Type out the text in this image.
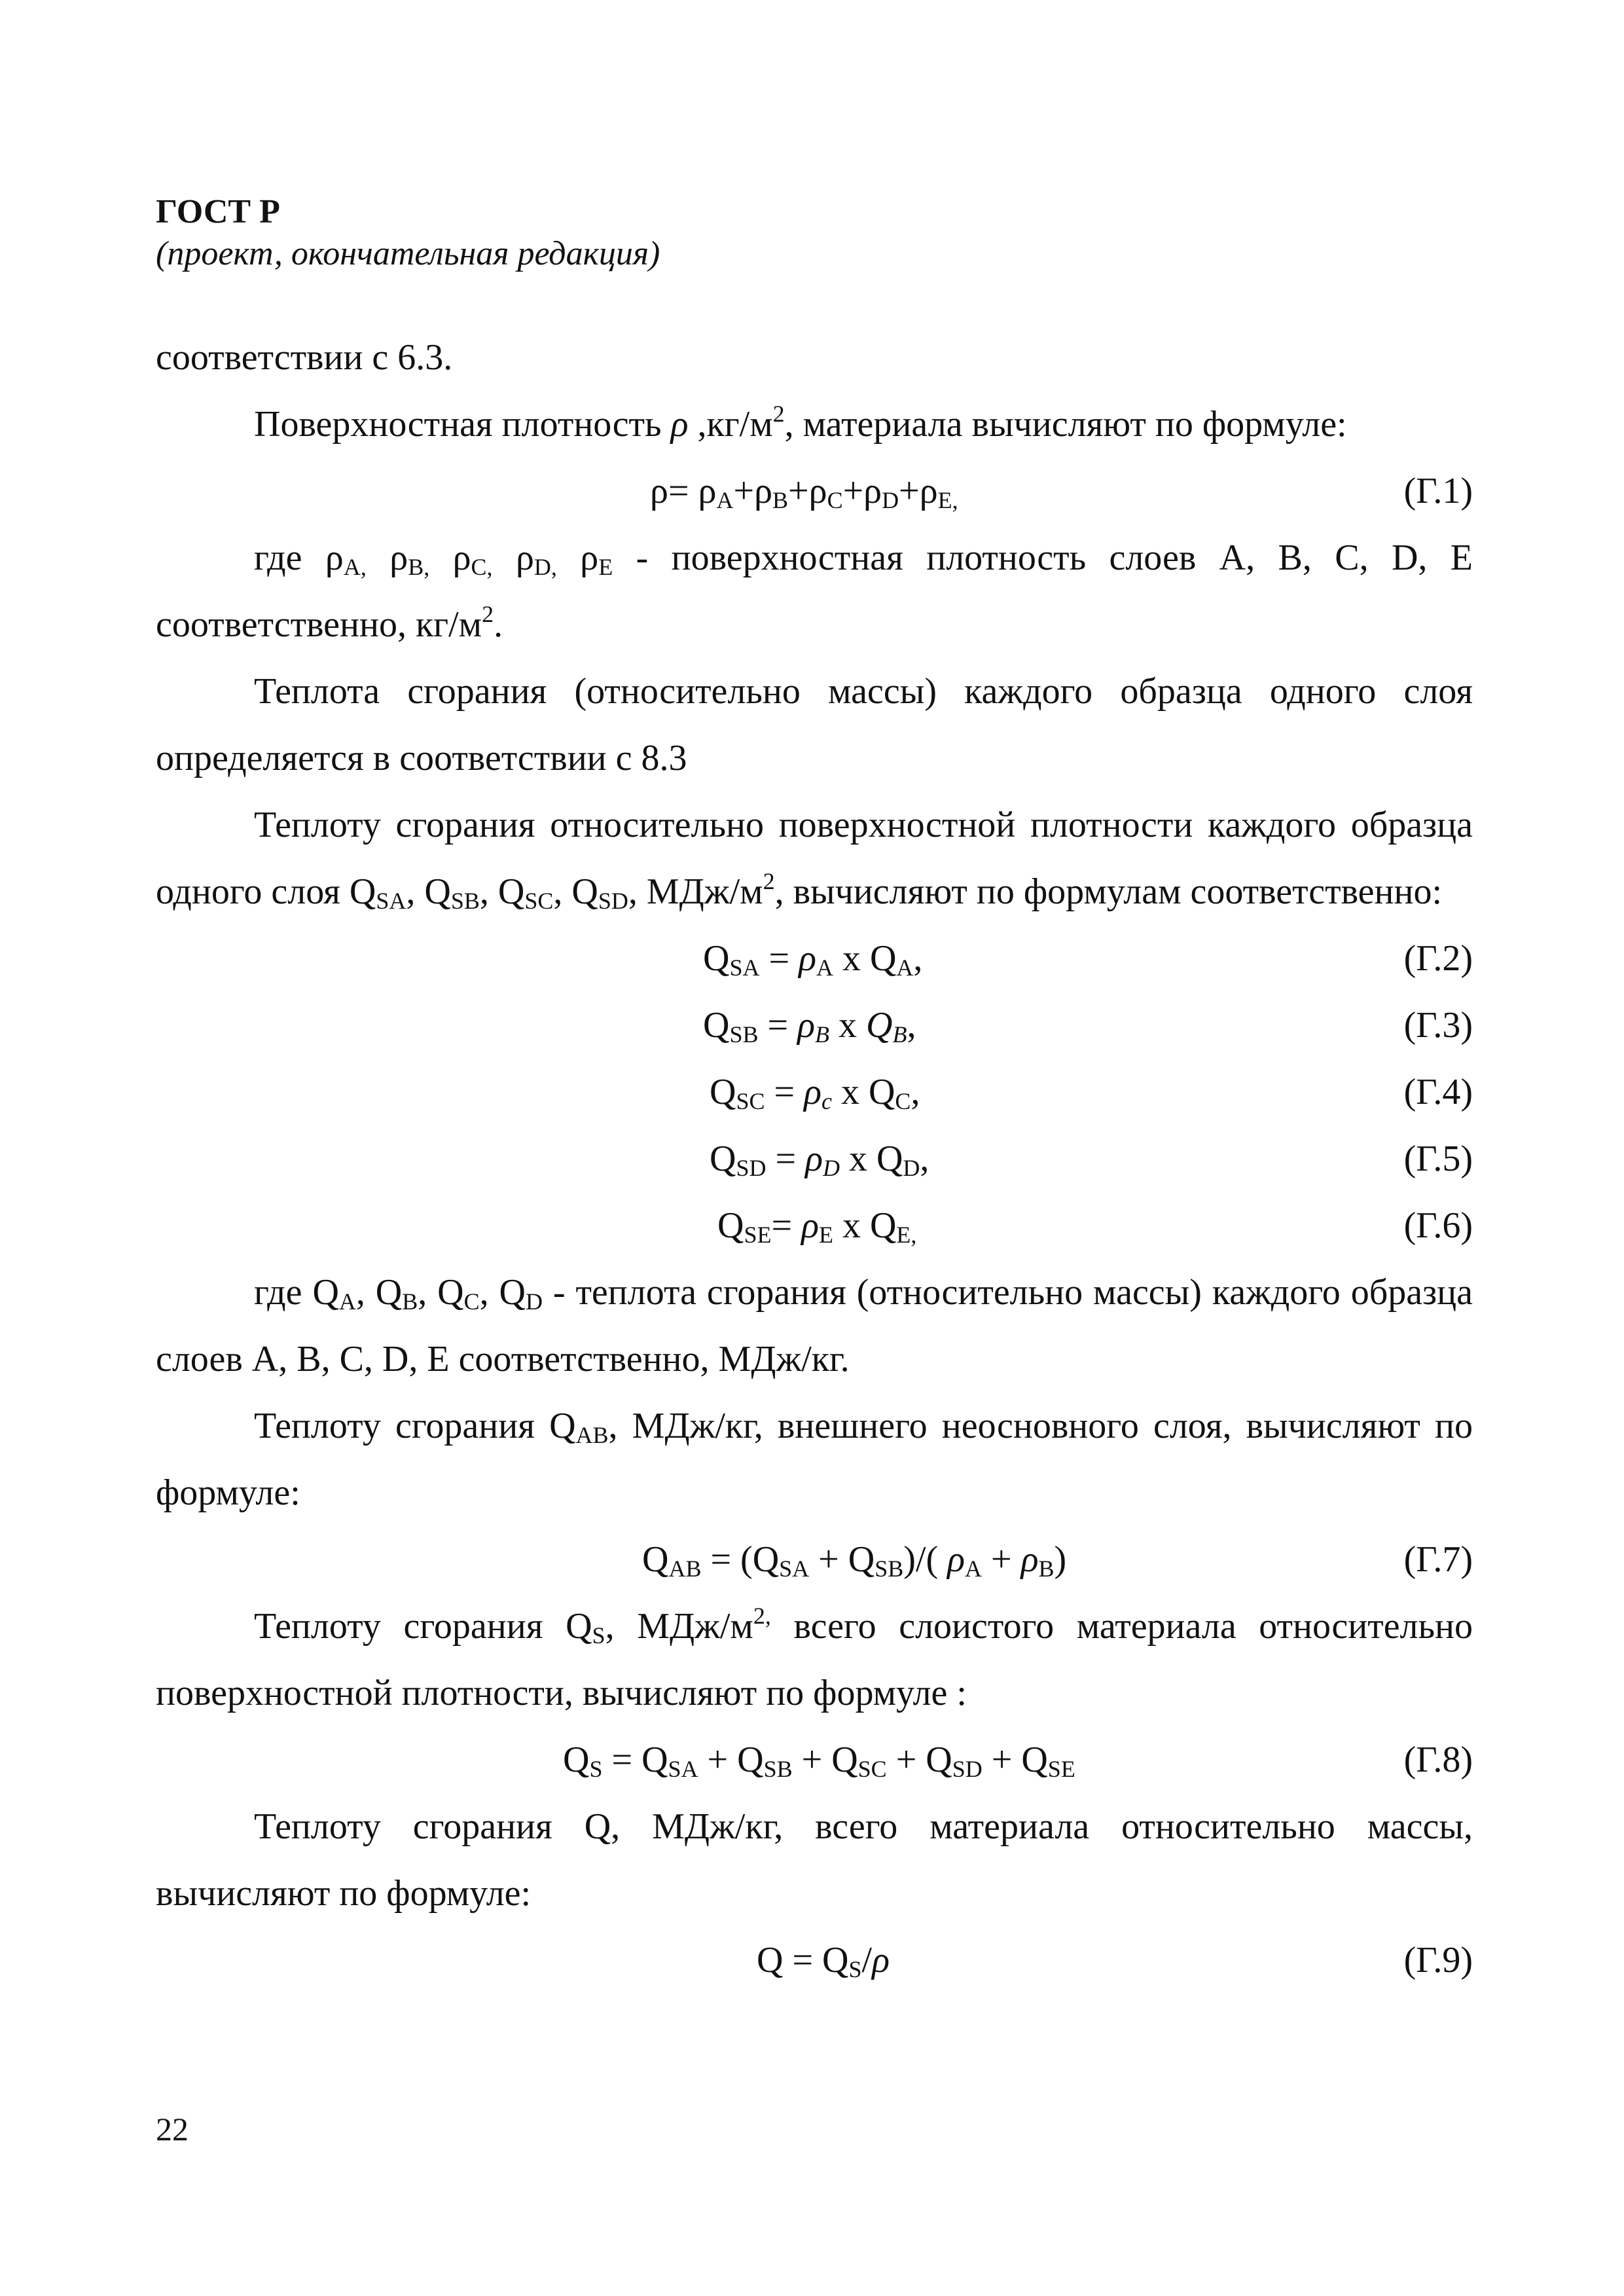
ГОСТ Р
(проект, окончательная редакция)

соответствии с 6.3.

Поверхностная плотность ρ $,кг/м^2$, материала вычисляют по формуле:

$\rho= \rho_A+\rho_B+\rho_C+\rho_D+\rho_{E,}$	(Г.1)

где $\rho_{A,}$ $\rho_{B,}$ $\rho_{C,}$ $\rho_{D,}$ $\rho_E$ - поверхностная плотность слоев A, B, C, D, E соответственно, $кг/м^2$.

Теплота сгорания (относительно массы) каждого образца одного слоя определяется в соответствии с 8.3

Теплоту сгорания относительно поверхностной плотности каждого образца одного слоя $Q_{SA}$, $Q_{SB}$, $Q_{SC}$, $Q_{SD}$, МДж/$м^2$, вычисляют по формулам соответственно:

$Q_{SA} = \rho_A$ x $Q_A$,	(Г.2)
$Q_{SB} = \rho_B$ x $Q_B$,	(Г.3)
$Q_{SC} = \rho_c$ x $Q_C$,	(Г.4)
$Q_{SD} = \rho_D$ x $Q_D$,	(Г.5)
$Q_{SE}= \rho_E$ x $Q_{E,}$	(Г.6)

где $Q_A$, $Q_B$, $Q_C$, $Q_D$ - теплота сгорания (относительно массы) каждого образца слоев A, B, C, D, E соответственно, МДж/кг.

Теплоту сгорания $Q_{AB}$, МДж/кг, внешнего неосновного слоя, вычисляют по формуле:

$Q_{AB} = (Q_{SA} + Q_{SB})/$( $\rho_A + \rho_B$)	(Г.7)

Теплоту сгорания $Q_S$, МДж/$м^{2,}$ всего слоистого материала относительно поверхностной плотности, вычисляют по формуле :

$Q_S = Q_{SA} + Q_{SB} + Q_{SC} + Q_{SD} + Q_{SE}$	(Г.8)

Теплоту сгорания Q, МДж/кг, всего материала относительно массы, вычисляют по формуле:

$Q = Q_S/\rho$	(Г.9)
22
